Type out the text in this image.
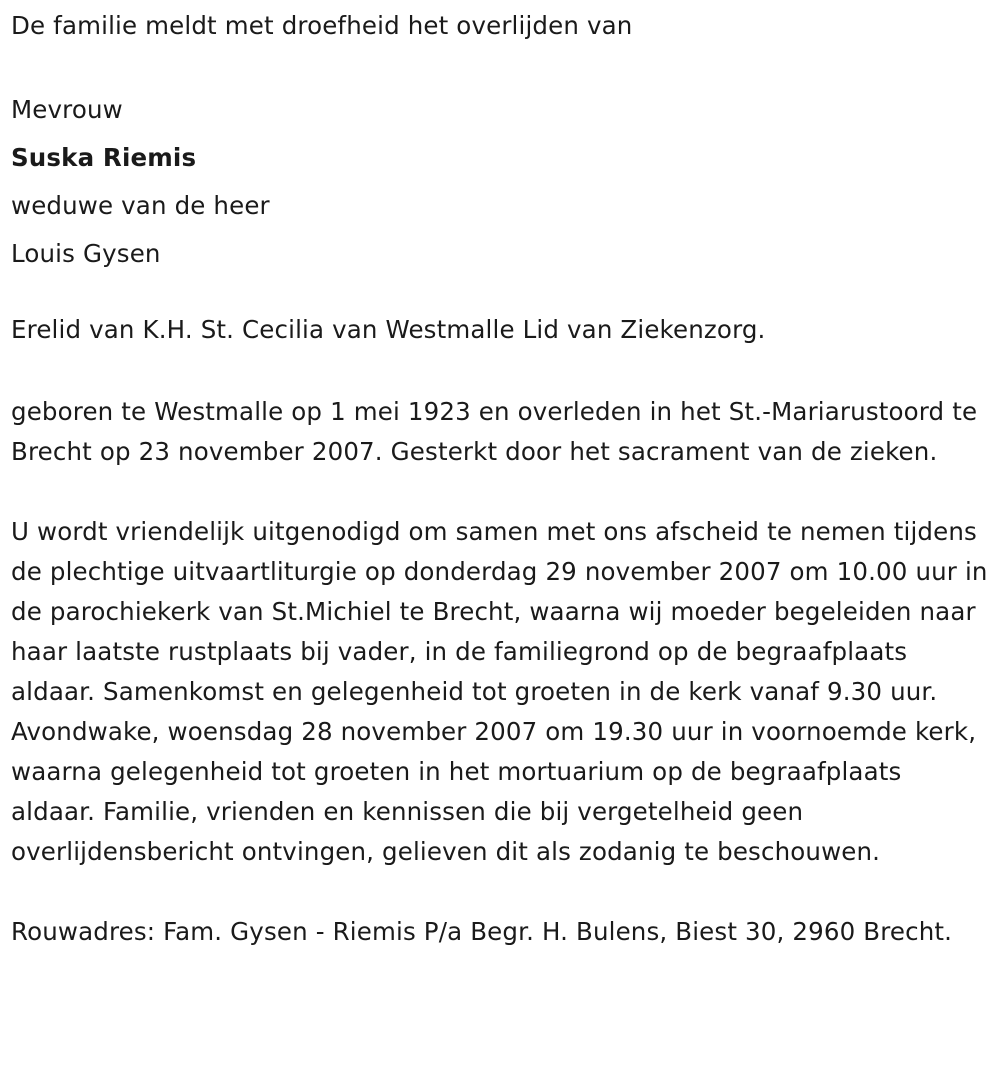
De familie meldt met droefheid het overlijden van

Mevrouw

Suska Riemis

weduwe van de heer

Louis Gysen

Erelid van K.H. St. Cecilia van Westmalle Lid van Ziekenzorg.

geboren te Westmalle op 1 mei 1923 en overleden in het St.-Mariarustoord te Brecht op 23 november 2007. Gesterkt door het sacrament van de zieken.

U wordt vriendelijk uitgenodigd om samen met ons afscheid te nemen tijdens de plechtige uitvaartliturgie op donderdag 29 november 2007 om 10.00 uur in de parochiekerk van St.Michiel te Brecht, waarna wij moeder begeleiden naar haar laatste rustplaats bij vader, in de familiegrond op de begraafplaats aldaar. Samenkomst en gelegenheid tot groeten in de kerk vanaf 9.30 uur. Avondwake, woensdag 28 november 2007 om 19.30 uur in voornoemde kerk, waarna gelegenheid tot groeten in het mortuarium op de begraafplaats aldaar. Familie, vrienden en kennissen die bij vergetelheid geen overlijdensbericht ontvingen, gelieven dit als zodanig te beschouwen.

Rouwadres: Fam. Gysen - Riemis P/a Begr. H. Bulens, Biest 30, 2960 Brecht.
